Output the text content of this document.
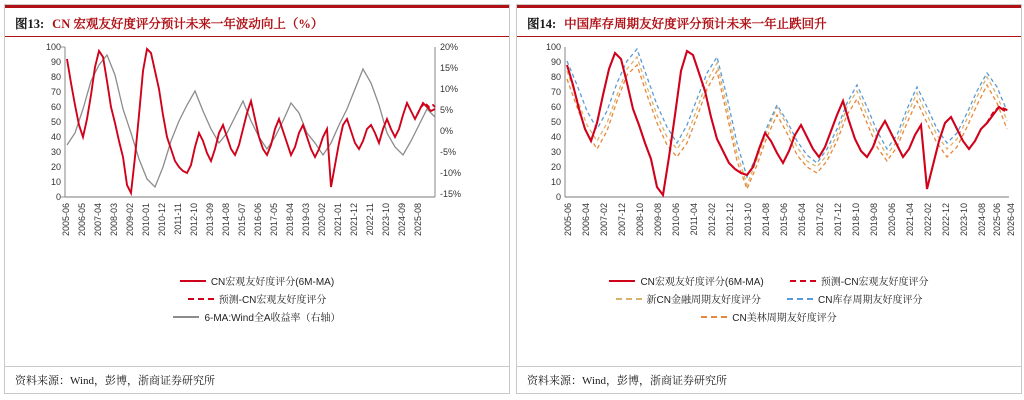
图13: CN 宏观友好度评分预计未来一年波动向上（%）
100
90
80
70
60
50
40
30
20
10
0
20%
15%
10%
5%
0%
-5%
-10%
-15%
2005-06 2006-05 2007-04 2008-03 2009-02 2010-01 2010-12 2011-11 2012-10 2013-09 2014-08 2015-07 2016-06 2017-05 2018-04 2019-03 2020-02 2021-01 2021-12 2022-11 2023-10 2024-09 2025-08
CN宏观友好度评分(6M-MA)
预测-CN宏观友好度评分
6-MA:Wind全A收益率（右轴）
资料来源：Wind，彭博，浙商证券研究所
图14: 中国库存周期友好度评分预计未来一年止跌回升
100
90
80
70
60
50
40
30
20
10
0
2005-06 2006-04 2007-02 2007-12 2008-10 2009-08 2010-06 2011-04 2012-02 2012-12 2013-10 2014-08 2015-06 2016-04 2017-02 2017-12 2018-10 2019-08 2020-06 2021-04 2022-02 2022-12 2023-10 2024-08 2025-06 2026-04
CN宏观友好度评分(6M-MA)	预测-CN宏观友好度评分
新CN金融周期友好度评分	CN库存周期友好度评分
CN美林周期友好度评分
资料来源：Wind，彭博，浙商证券研究所
